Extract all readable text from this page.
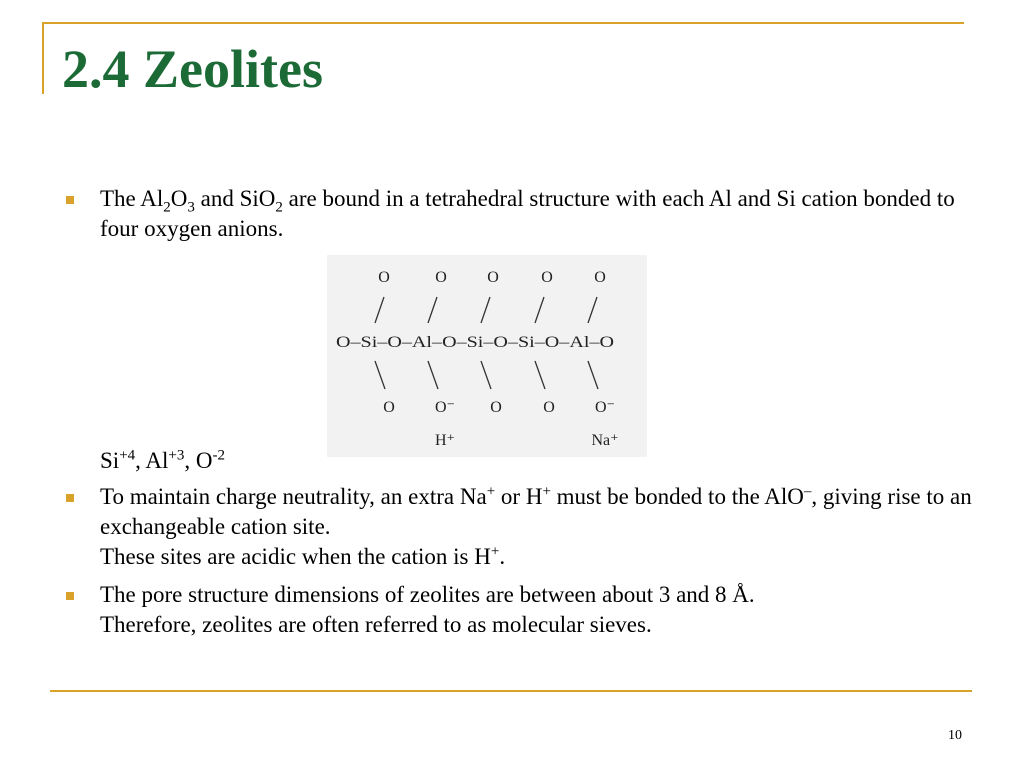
2.4 Zeolites
The $Al_2O_3$ and SiO$_2$ are bound in a tetrahedral structure with each Al and Si cation bonded to four oxygen anions.
O	O	O	O	O
O–Si–O–Al–O–Si–O–Si–O–Al–O
O	O⁻ O	O	O⁻
H⁺	Na⁺
$Si^{+4}$, $Al^{+3}$, $O^{-2}$
To maintain charge neutrality, an extra Na+ or H+ must be bonded to the AlO–, giving rise to an exchangeable cation site.
These sites are acidic when the cation is H+.
The pore structure dimensions of zeolites are between about 3 and 8 Å.
Therefore, zeolites are often referred to as molecular sieves.
10
